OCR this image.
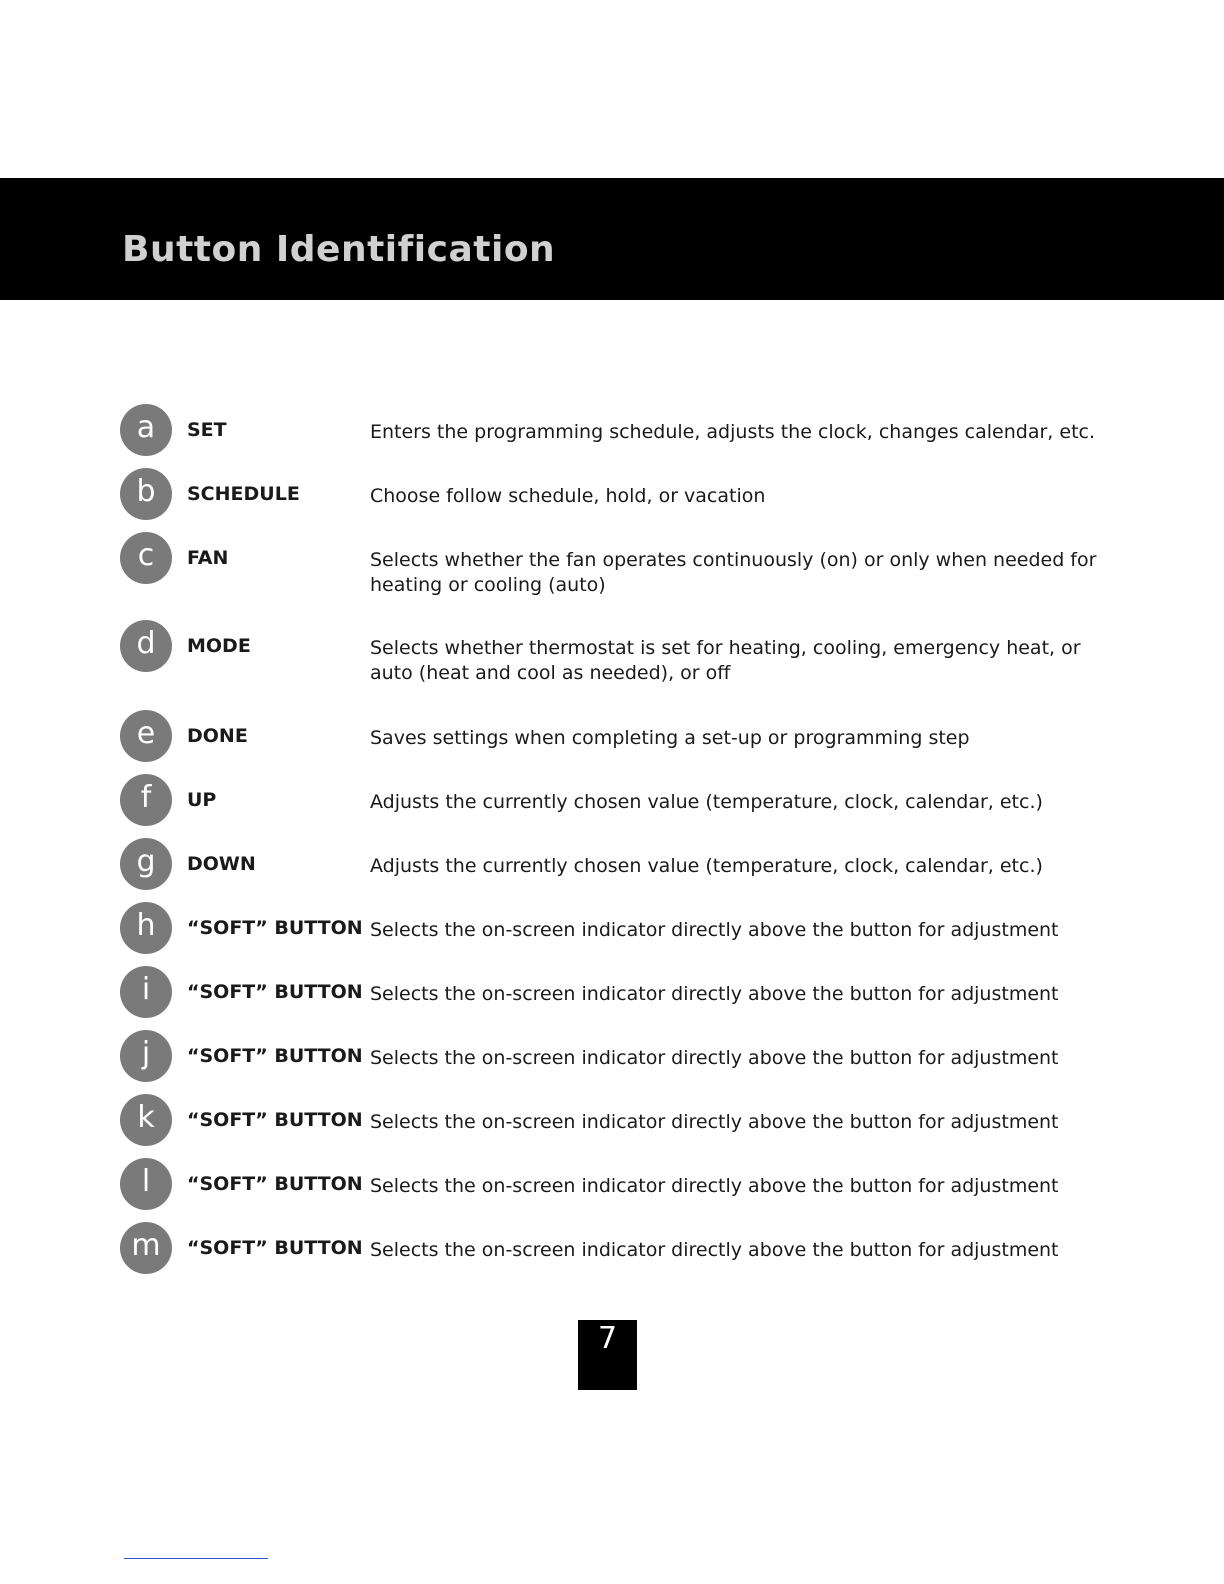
Button Identification
a SET	Enters the programming schedule, adjusts the clock, changes calendar, etc.
b SCHEDULE	Choose follow schedule, hold, or vacation
c FAN	Selects whether the fan operates continuously (on) or only when needed for heating or cooling (auto)
d MODE	Selects whether thermostat is set for heating, cooling, emergency heat, or auto (heat and cool as needed), or off
e DONE	Saves settings when completing a set-up or programming step
f UP	Adjusts the currently chosen value (temperature, clock, calendar, etc.)
g DOWN	Adjusts the currently chosen value (temperature, clock, calendar, etc.)
h “SOFT” BUTTON Selects the on-screen indicator directly above the button for adjustment
i “SOFT” BUTTON Selects the on-screen indicator directly above the button for adjustment
j “SOFT” BUTTON Selects the on-screen indicator directly above the button for adjustment
k “SOFT” BUTTON Selects the on-screen indicator directly above the button for adjustment
l “SOFT” BUTTON Selects the on-screen indicator directly above the button for adjustment
m “SOFT” BUTTON Selects the on-screen indicator directly above the button for adjustment
7
